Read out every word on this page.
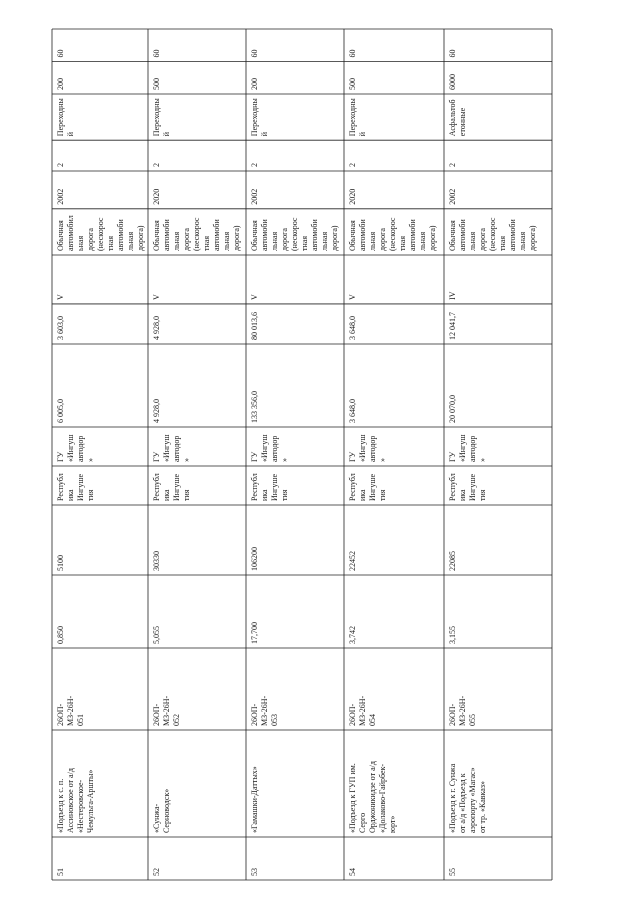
51
«Подъезд к с. п. Ассиновское от а/д «Нестеровское- Чемульга-Аршты»
26ОП- МЗ-26Н- 051
0,850
5100
Республ ика Ингуше тия
ГУ «Ингуш автодор »
6 005,0
3 603,0
V
Обычная автомобил ьная дорога (нескорос тная автомоби льная дорога)
2002
2
Переходны й
200
60
52
«Сунжа- Серноводск»
26ОП- МЗ-26Н- 052
5,055
30330
Республ ика Ингуше тия
ГУ «Ингуш автодор »
4 928,0
4 928,0
V
Обычная автомоби льная дорога (нескорос тная автомоби льная дорога)
2020
2
Переходны й
500
60
53
«Гамашки-Даттых»
26ОП- МЗ-26Н- 053
17,700
106200
Республ ика Ингуше тия
ГУ «Ингуш автодор »
133 356,0
80 013,6
V
Обычная автомоби льная дорога (нескорос тная автомоби льная дорога)
2002
2
Переходны й
200
60
54
«Подъезд к ГУП им. Серго Орджоникидзе от а/д «Долаково-Гайрбек- юрт»
26ОП- МЗ-26Н- 054
3,742
22452
Республ ика Ингуше тия
ГУ «Ингуш автодор »
3 648,0
3 648,0
V
Обычная автомоби льная дорога (нескорос тная автомоби льная дорога)
2020
2
Переходны й
500
60
55
«Подъезд к г. Сунжа от а/д «Подъезд к аэропорту «Магас» от тр. «Кавказ»
26ОП- МЗ-26Н- 055
3,155
22085
Республ ика Ингуше тия
ГУ «Ингуш автодор »
20 070,0
12 041,7
IV
Обычная автомоби льная дорога (нескорос тная автомоби льная дорога)
2002
2
Асфальтоб етонные
6000
60
